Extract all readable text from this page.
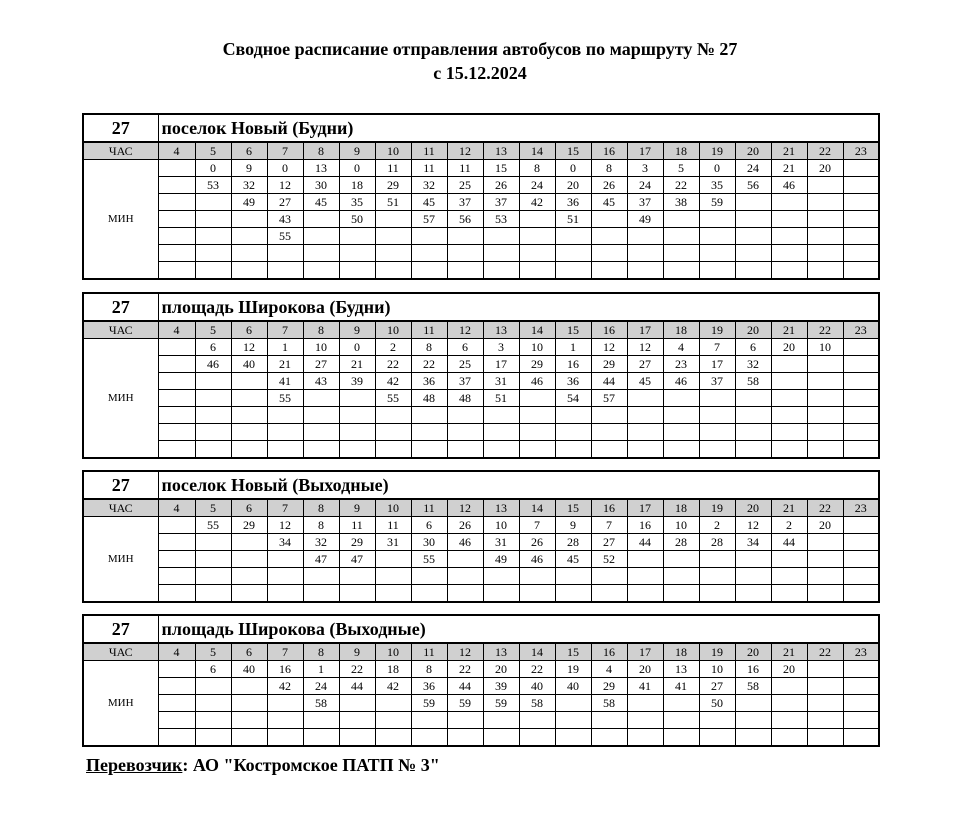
Сводное расписание отправления автобусов по маршруту № 27
с 15.12.2024
27	поселок Новый (Будни)																			
ЧАС	4	5	6	7	8	9	10	11	12	13	14	15	16	17	18	19	20	21	22	23
МИН		0	9	0	13	0	11	11	11	15	8	0	8	3	5	0	24	21	20	
		53	32	12	30	18	29	32	25	26	24	20	26	24	22	35	56	46		
			49	27	45	35	51	45	37	37	42	36	45	37	38	59				
				43		50		57	56	53		51		49						
				55																

27	площадь Широкова (Будни)																			
ЧАС	4	5	6	7	8	9	10	11	12	13	14	15	16	17	18	19	20	21	22	23
МИН		6	12	1	10	0	2	8	6	3	10	1	12	12	4	7	6	20	10	
		46	40	21	27	21	22	22	25	17	29	16	29	27	23	17	32			
				41	43	39	42	36	37	31	46	36	44	45	46	37	58			
				55			55	48	48	51		54	57							

27	поселок Новый (Выходные)																			
ЧАС	4	5	6	7	8	9	10	11	12	13	14	15	16	17	18	19	20	21	22	23
МИН		55	29	12	8	11	11	6	26	10	7	9	7	16	10	2	12	2	20	
				34	32	29	31	30	46	31	26	28	27	44	28	28	34	44		
					47	47		55		49	46	45	52							

27	площадь Широкова (Выходные)																			
ЧАС	4	5	6	7	8	9	10	11	12	13	14	15	16	17	18	19	20	21	22	23
МИН		6	40	16	1	22	18	8	22	20	22	19	4	20	13	10	16	20		
				42	24	44	42	36	44	39	40	40	29	41	41	27	58			
					58			59	59	59	58		58			50				

Перевозчик: АО "Костромское ПАТП № 3"
